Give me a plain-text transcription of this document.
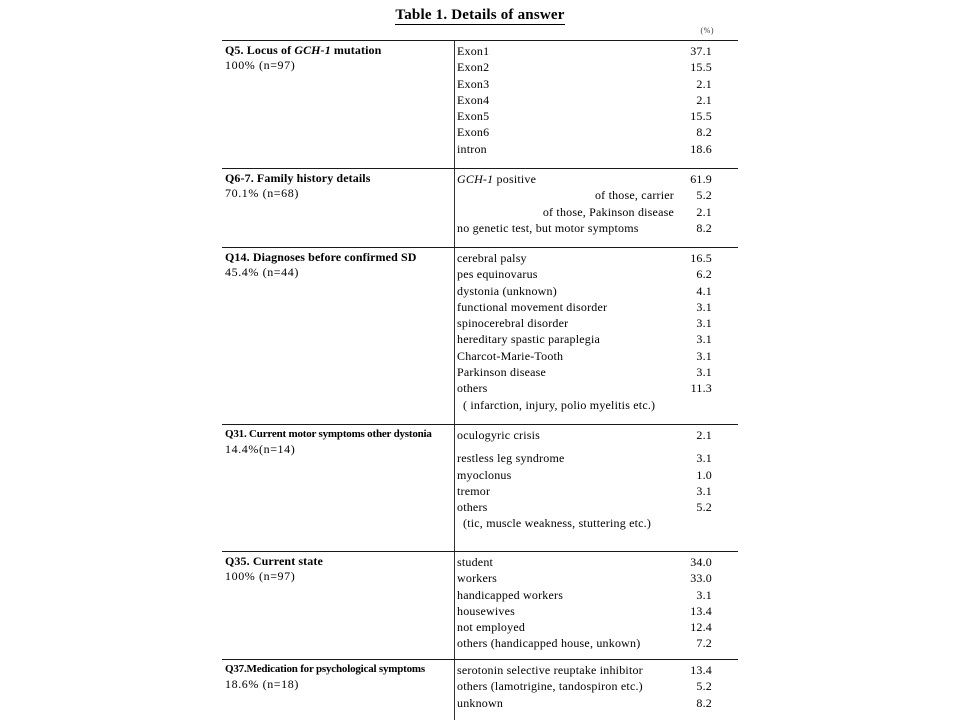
Table 1. Details of answer
(%)
Q5. Locus of GCH-1 mutation
100% (n=97)
Exon1	37.1
Exon2	15.5
Exon3	2.1
Exon4	2.1
Exon5	15.5
Exon6	8.2
intron	18.6
Q6-7. Family history details
70.1% (n=68)
GCH-1 positive	61.9
of those, carrier	5.2
of those, Pakinson disease	2.1
no genetic test, but motor symptoms	8.2
Q14. Diagnoses before confirmed SD
45.4% (n=44)
cerebral palsy	16.5
pes equinovarus	6.2
dystonia (unknown)	4.1
functional movement disorder	3.1
spinocerebral disorder	3.1
hereditary spastic paraplegia	3.1
Charcot-Marie-Tooth	3.1
Parkinson disease	3.1
others	11.3
( infarction, injury, polio myelitis etc.)
Q31. Current motor symptoms other dystonia
14.4%(n=14)
oculogyric crisis	2.1
restless leg syndrome	3.1
myoclonus	1.0
tremor	3.1
others	5.2
(tic, muscle weakness, stuttering etc.)
Q35. Current state
100% (n=97)
student	34.0
workers	33.0
handicapped workers	3.1
housewives	13.4
not employed	12.4
others (handicapped house, unkown)	7.2
Q37.Medication for psychological symptoms
18.6% (n=18)
serotonin selective reuptake inhibitor	13.4
others (lamotrigine, tandospiron etc.)	5.2
unknown	8.2
